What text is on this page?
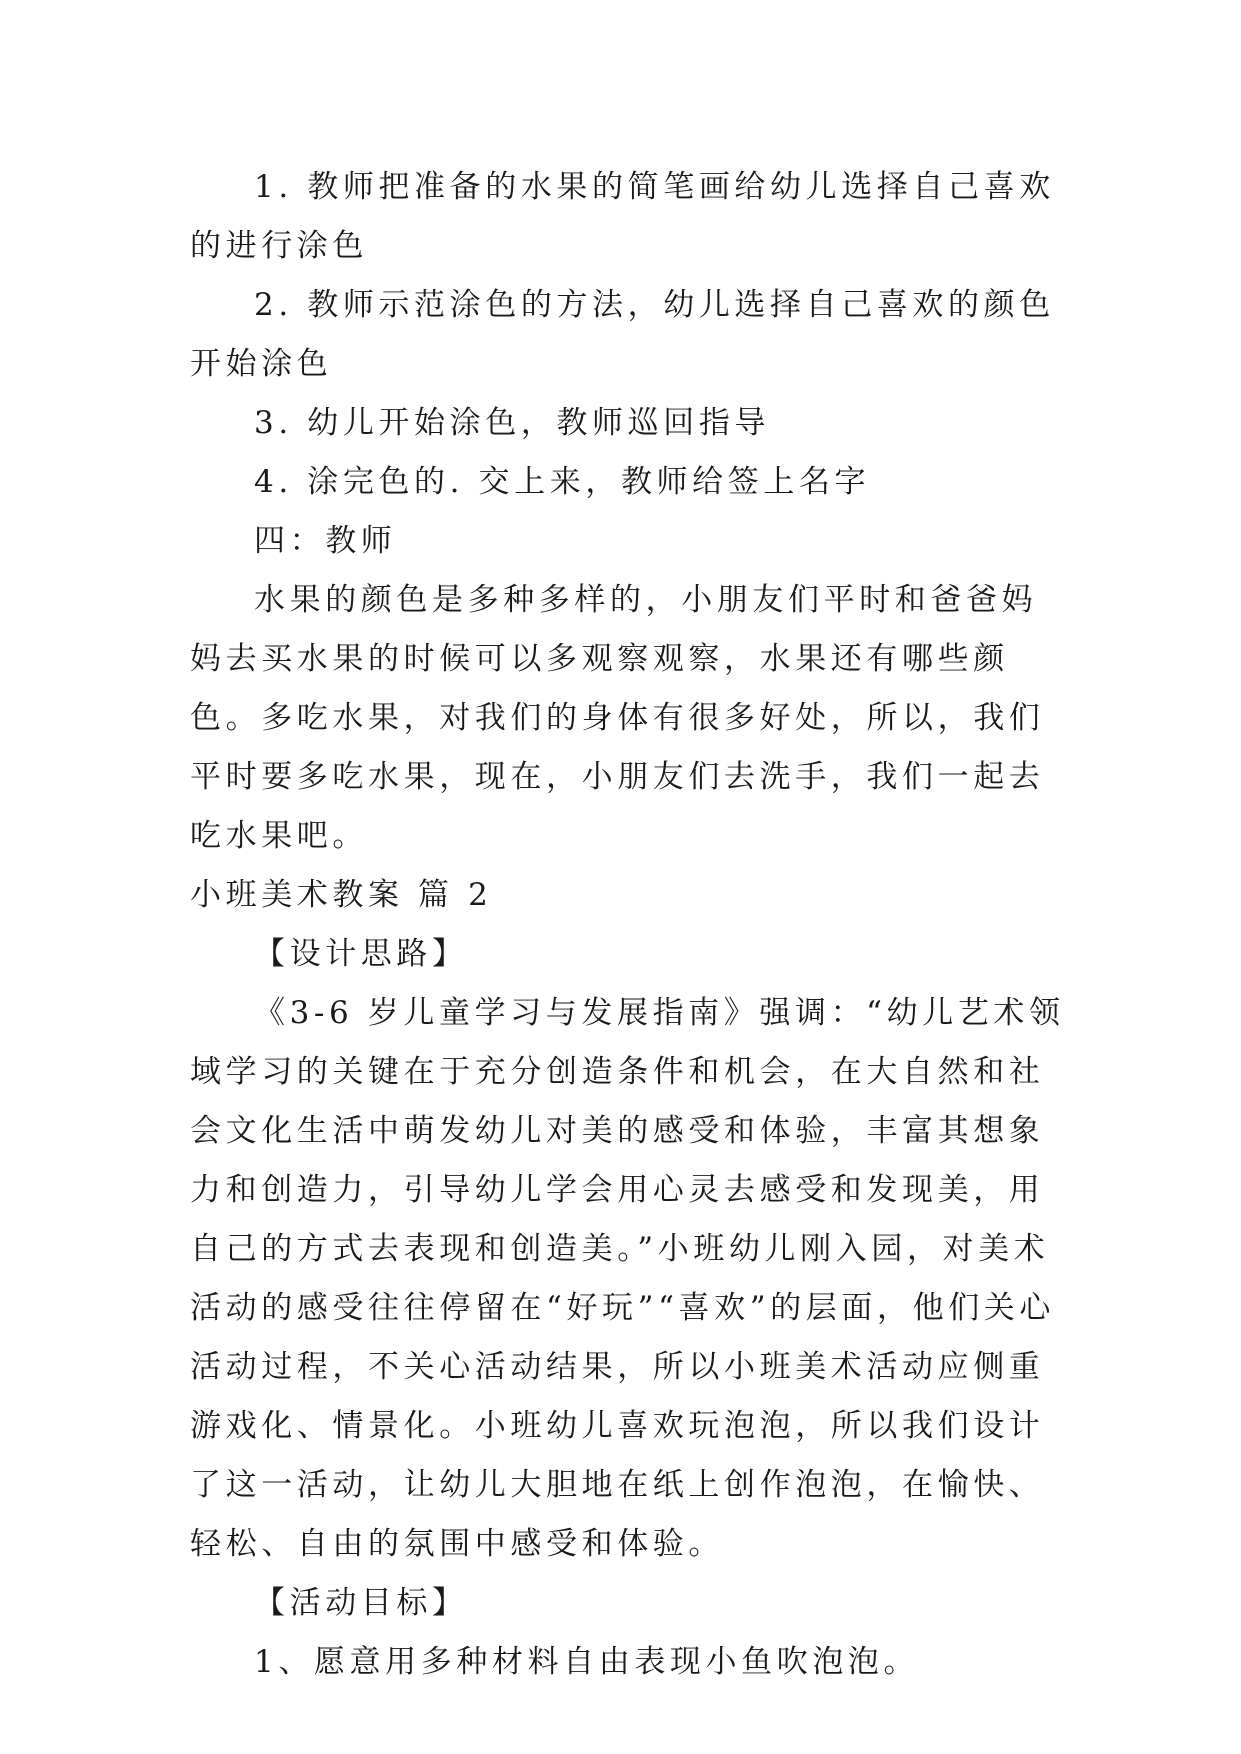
1. 教师把准备的水果的简笔画给幼儿选择自己喜欢的进行涂色

2. 教师示范涂色的方法，幼儿选择自己喜欢的颜色开始涂色

3. 幼儿开始涂色，教师巡回指导

4. 涂完色的. 交上来，教师给签上名字

四：教师

水果的颜色是多种多样的，小朋友们平时和爸爸妈妈去买水果的时候可以多观察观察，水果还有哪些颜色。多吃水果，对我们的身体有很多好处，所以，我们平时要多吃水果，现在，小朋友们去洗手，我们一起去吃水果吧。

小班美术教案 篇 2

【设计思路】

《3-6 岁儿童学习与发展指南》强调：“幼儿艺术领域学习的关键在于充分创造条件和机会，在大自然和社会文化生活中萌发幼儿对美的感受和体验，丰富其想象力和创造力，引导幼儿学会用心灵去感受和发现美，用自己的方式去表现和创造美。”小班幼儿刚入园，对美术活动的感受往往停留在“好玩”“喜欢”的层面，他们关心活动过程，不关心活动结果，所以小班美术活动应侧重游戏化、情景化。小班幼儿喜欢玩泡泡，所以我们设计了这一活动，让幼儿大胆地在纸上创作泡泡，在愉快、轻松、自由的氛围中感受和体验。

【活动目标】

1、愿意用多种材料自由表现小鱼吹泡泡。
